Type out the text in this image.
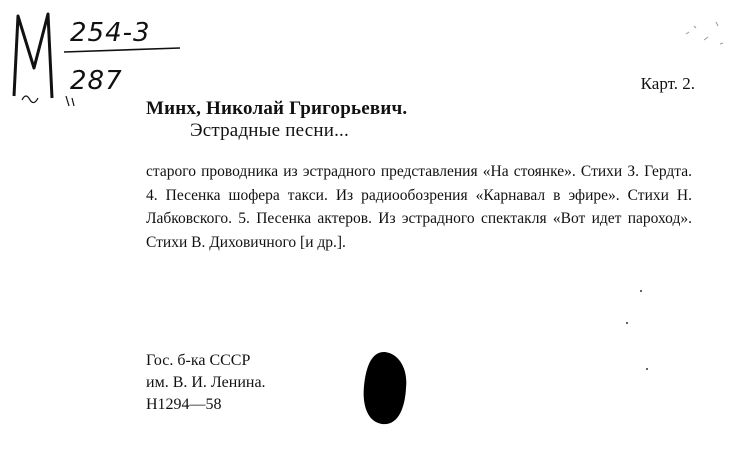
254-3
287	Карт. 2.
Минх, Николай Григорьевич.
Эстрадные песни...

старого проводника из эстрадного представления «На стоянке». Стихи З. Гердта. 4. Песенка шофера такси. Из радиообозрения «Карнавал в эфире». Стихи Н. Лабковского. 5. Песенка актеров. Из эстрадного спектакля «Вот идет пароход». Стихи В. Диховичного [и др.].

Гос. б-ка СССР
им. В. И. Ленина.
Н1294—58
